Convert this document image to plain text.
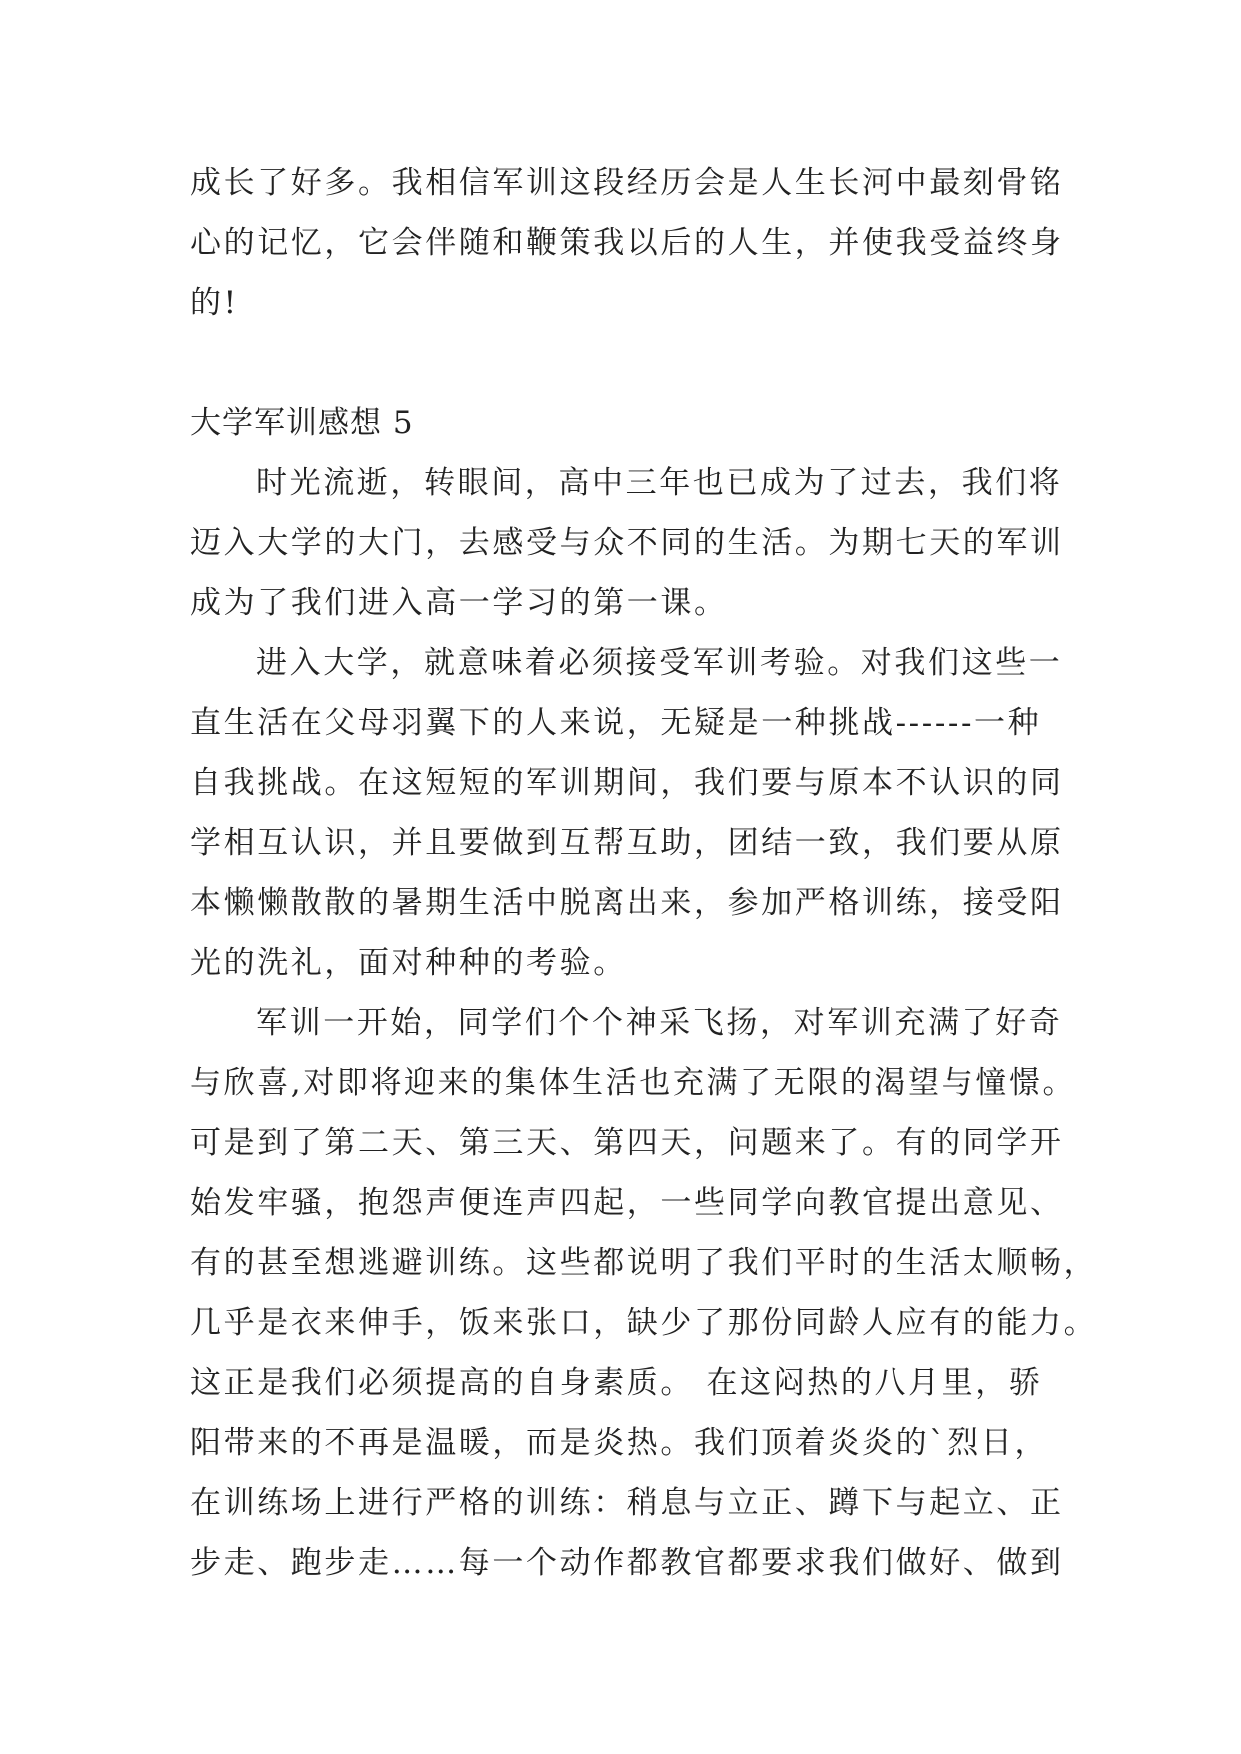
成长了好多。我相信军训这段经历会是人生长河中最刻骨铭
心的记忆，它会伴随和鞭策我以后的人生，并使我受益终身
的!
大学军训感想 5
时光流逝，转眼间，高中三年也已成为了过去，我们将
迈入大学的大门，去感受与众不同的生活。为期七天的军训
成为了我们进入高一学习的第一课。
进入大学，就意味着必须接受军训考验。对我们这些一
直生活在父母羽翼下的人来说，无疑是一种挑战------一种
自我挑战。在这短短的军训期间，我们要与原本不认识的同
学相互认识，并且要做到互帮互助，团结一致，我们要从原
本懒懒散散的暑期生活中脱离出来，参加严格训练，接受阳
光的洗礼，面对种种的考验。
军训一开始，同学们个个神采飞扬，对军训充满了好奇
与欣喜,对即将迎来的集体生活也充满了无限的渴望与憧憬。
可是到了第二天、第三天、第四天，问题来了。有的同学开
始发牢骚，抱怨声便连声四起，一些同学向教官提出意见、
有的甚至想逃避训练。这些都说明了我们平时的生活太顺畅，
几乎是衣来伸手，饭来张口，缺少了那份同龄人应有的能力。
这正是我们必须提高的自身素质。 在这闷热的八月里，骄
阳带来的不再是温暖，而是炎热。我们顶着炎炎的`烈日，
在训练场上进行严格的训练：稍息与立正、蹲下与起立、正
步走、跑步走……每一个动作都教官都要求我们做好、做到
